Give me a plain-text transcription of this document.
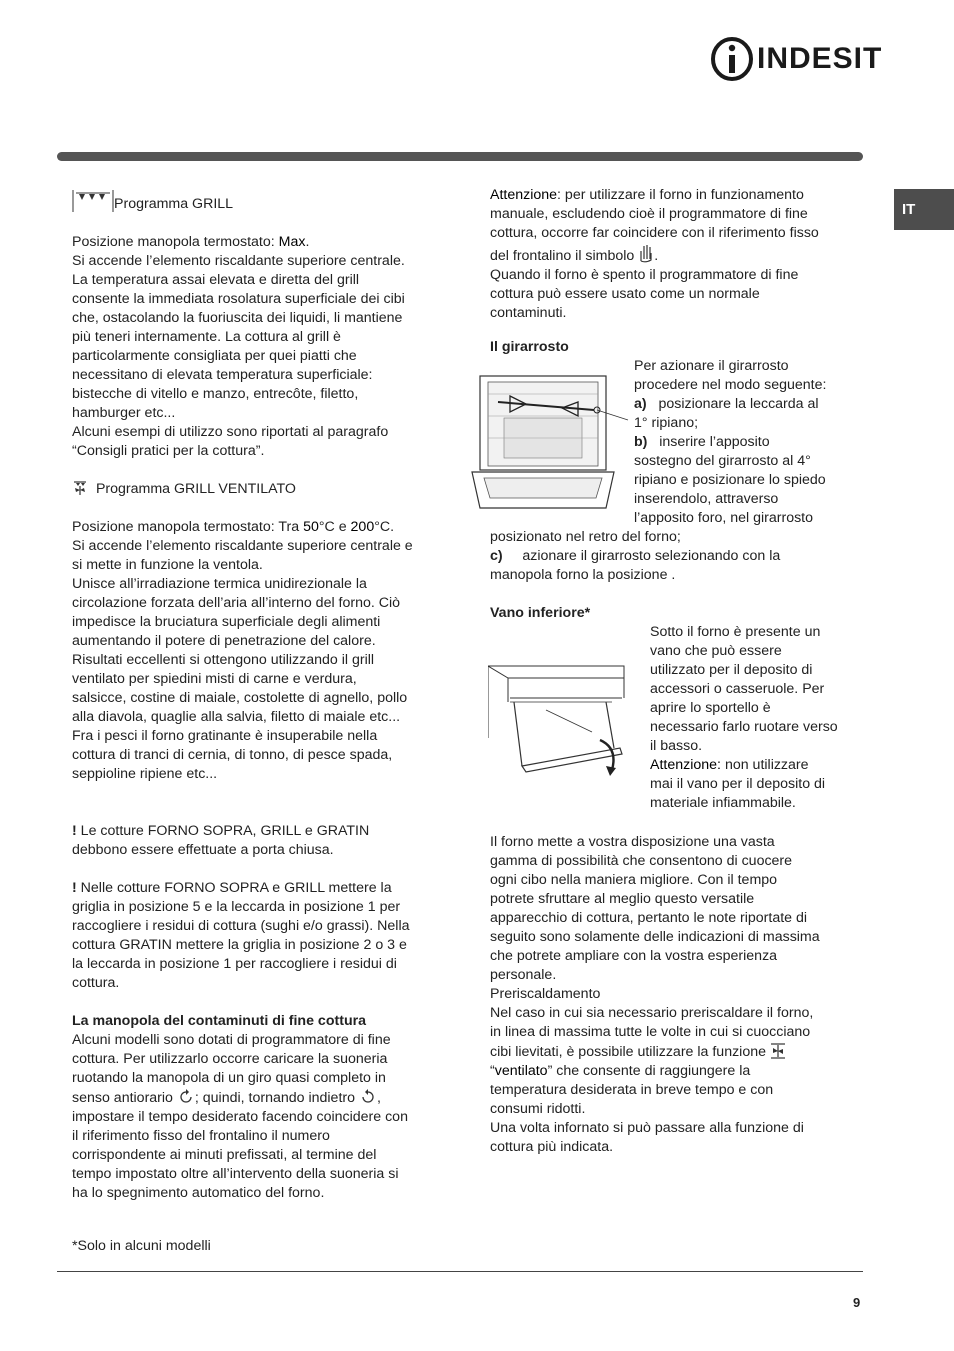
INDESIT
IT

Programma GRILL

Posizione manopola termostato: Max.

Si accende l’elemento riscaldante superiore centrale.

La temperatura assai elevata e diretta del grill

consente la immediata rosolatura superficiale dei cibi

che, ostacolando la fuoriuscita dei liquidi, li mantiene

più teneri internamente. La cottura al grill è

particolarmente consigliata per quei piatti che

necessitano di elevata temperatura superficiale:

bistecche di vitello e manzo, entrecôte, filetto,

hamburger etc...

Alcuni esempi di utilizzo sono riportati al paragrafo

“Consigli pratici per la cottura”.

Programma GRILL VENTILATO

Posizione manopola termostato: Tra 50°C e 200°C.

Si accende l’elemento riscaldante superiore centrale e

si mette in funzione la ventola.

Unisce all’irradiazione termica unidirezionale la

circolazione forzata dell’aria all’interno del forno. Ciò

impedisce la bruciatura superficiale degli alimenti

aumentando il potere di penetrazione del calore.

Risultati eccellenti si ottengono utilizzando il grill

ventilato per spiedini misti di carne e verdura,

salsicce, costine di maiale, costolette di agnello, pollo

alla diavola, quaglie alla salvia, filetto di maiale etc...

Fra i pesci il forno gratinante è insuperabile nella

cottura di tranci di cernia, di tonno, di pesce spada,

seppioline ripiene etc...

! Le cotture FORNO SOPRA, GRILL e GRATIN

debbono essere effettuate a porta chiusa.

! Nelle cotture FORNO SOPRA e GRILL mettere la

griglia in posizione 5 e la leccarda in posizione 1 per

raccogliere i residui di cottura (sughi e/o grassi). Nella

cottura GRATIN mettere la griglia in posizione 2 o 3 e

la leccarda in posizione 1 per raccogliere i residui di

cottura.

La manopola del contaminuti di fine cottura

Alcuni modelli sono dotati di programmatore di fine

cottura. Per utilizzarlo occorre caricare la suoneria

ruotando la manopola di un giro quasi completo in

senso antiorario ; quindi, tornando indietro ,

impostare il tempo desiderato facendo coincidere con

il riferimento fisso del frontalino il numero

corrispondente ai minuti prefissati, al termine del

tempo impostato oltre all’intervento della suoneria si

ha lo spegnimento automatico del forno.

Attenzione: per utilizzare il forno in funzionamento

manuale, escludendo cioè il programmatore di fine

cottura, occorre far coincidere con il riferimento fisso

del frontalino il simbolo .

Quando il forno è spento il programmatore di fine

cottura può essere usato come un normale

contaminuti.

Il girarrosto

Per azionare il girarrosto

procedere nel modo seguente:

a) posizionare la leccarda al

1° ripiano;

b) inserire l’apposito

sostegno del girarrosto al 4°

ripiano e posizionare lo spiedo

inserendolo, attraverso

l’apposito foro, nel girarrosto

posizionato nel retro del forno;

c) azionare il girarrosto selezionando con la

manopola forno la posizione .

Vano inferiore*

Sotto il forno è presente un

vano che può essere

utilizzato per il deposito di

accessori o casseruole. Per

aprire lo sportello è

necessario farlo ruotare verso

il basso.

Attenzione: non utilizzare

mai il vano per il deposito di

materiale infiammabile.

Il forno mette a vostra disposizione una vasta

gamma di possibilità che consentono di cuocere

ogni cibo nella maniera migliore. Con il tempo

potrete sfruttare al meglio questo versatile

apparecchio di cottura, pertanto le note riportate di

seguito sono solamente delle indicazioni di massima

che potrete ampliare con la vostra esperienza

personale.

Preriscaldamento

Nel caso in cui sia necessario preriscaldare il forno,

in linea di massima tutte le volte in cui si cuocciano

cibi lievitati, è possibile utilizzare la funzione

“ventilato” che consente di raggiungere la

temperatura desiderata in breve tempo e con

consumi ridotti.

Una volta infornato si può passare alla funzione di

cottura più indicata.

*Solo in alcuni modelli
9
